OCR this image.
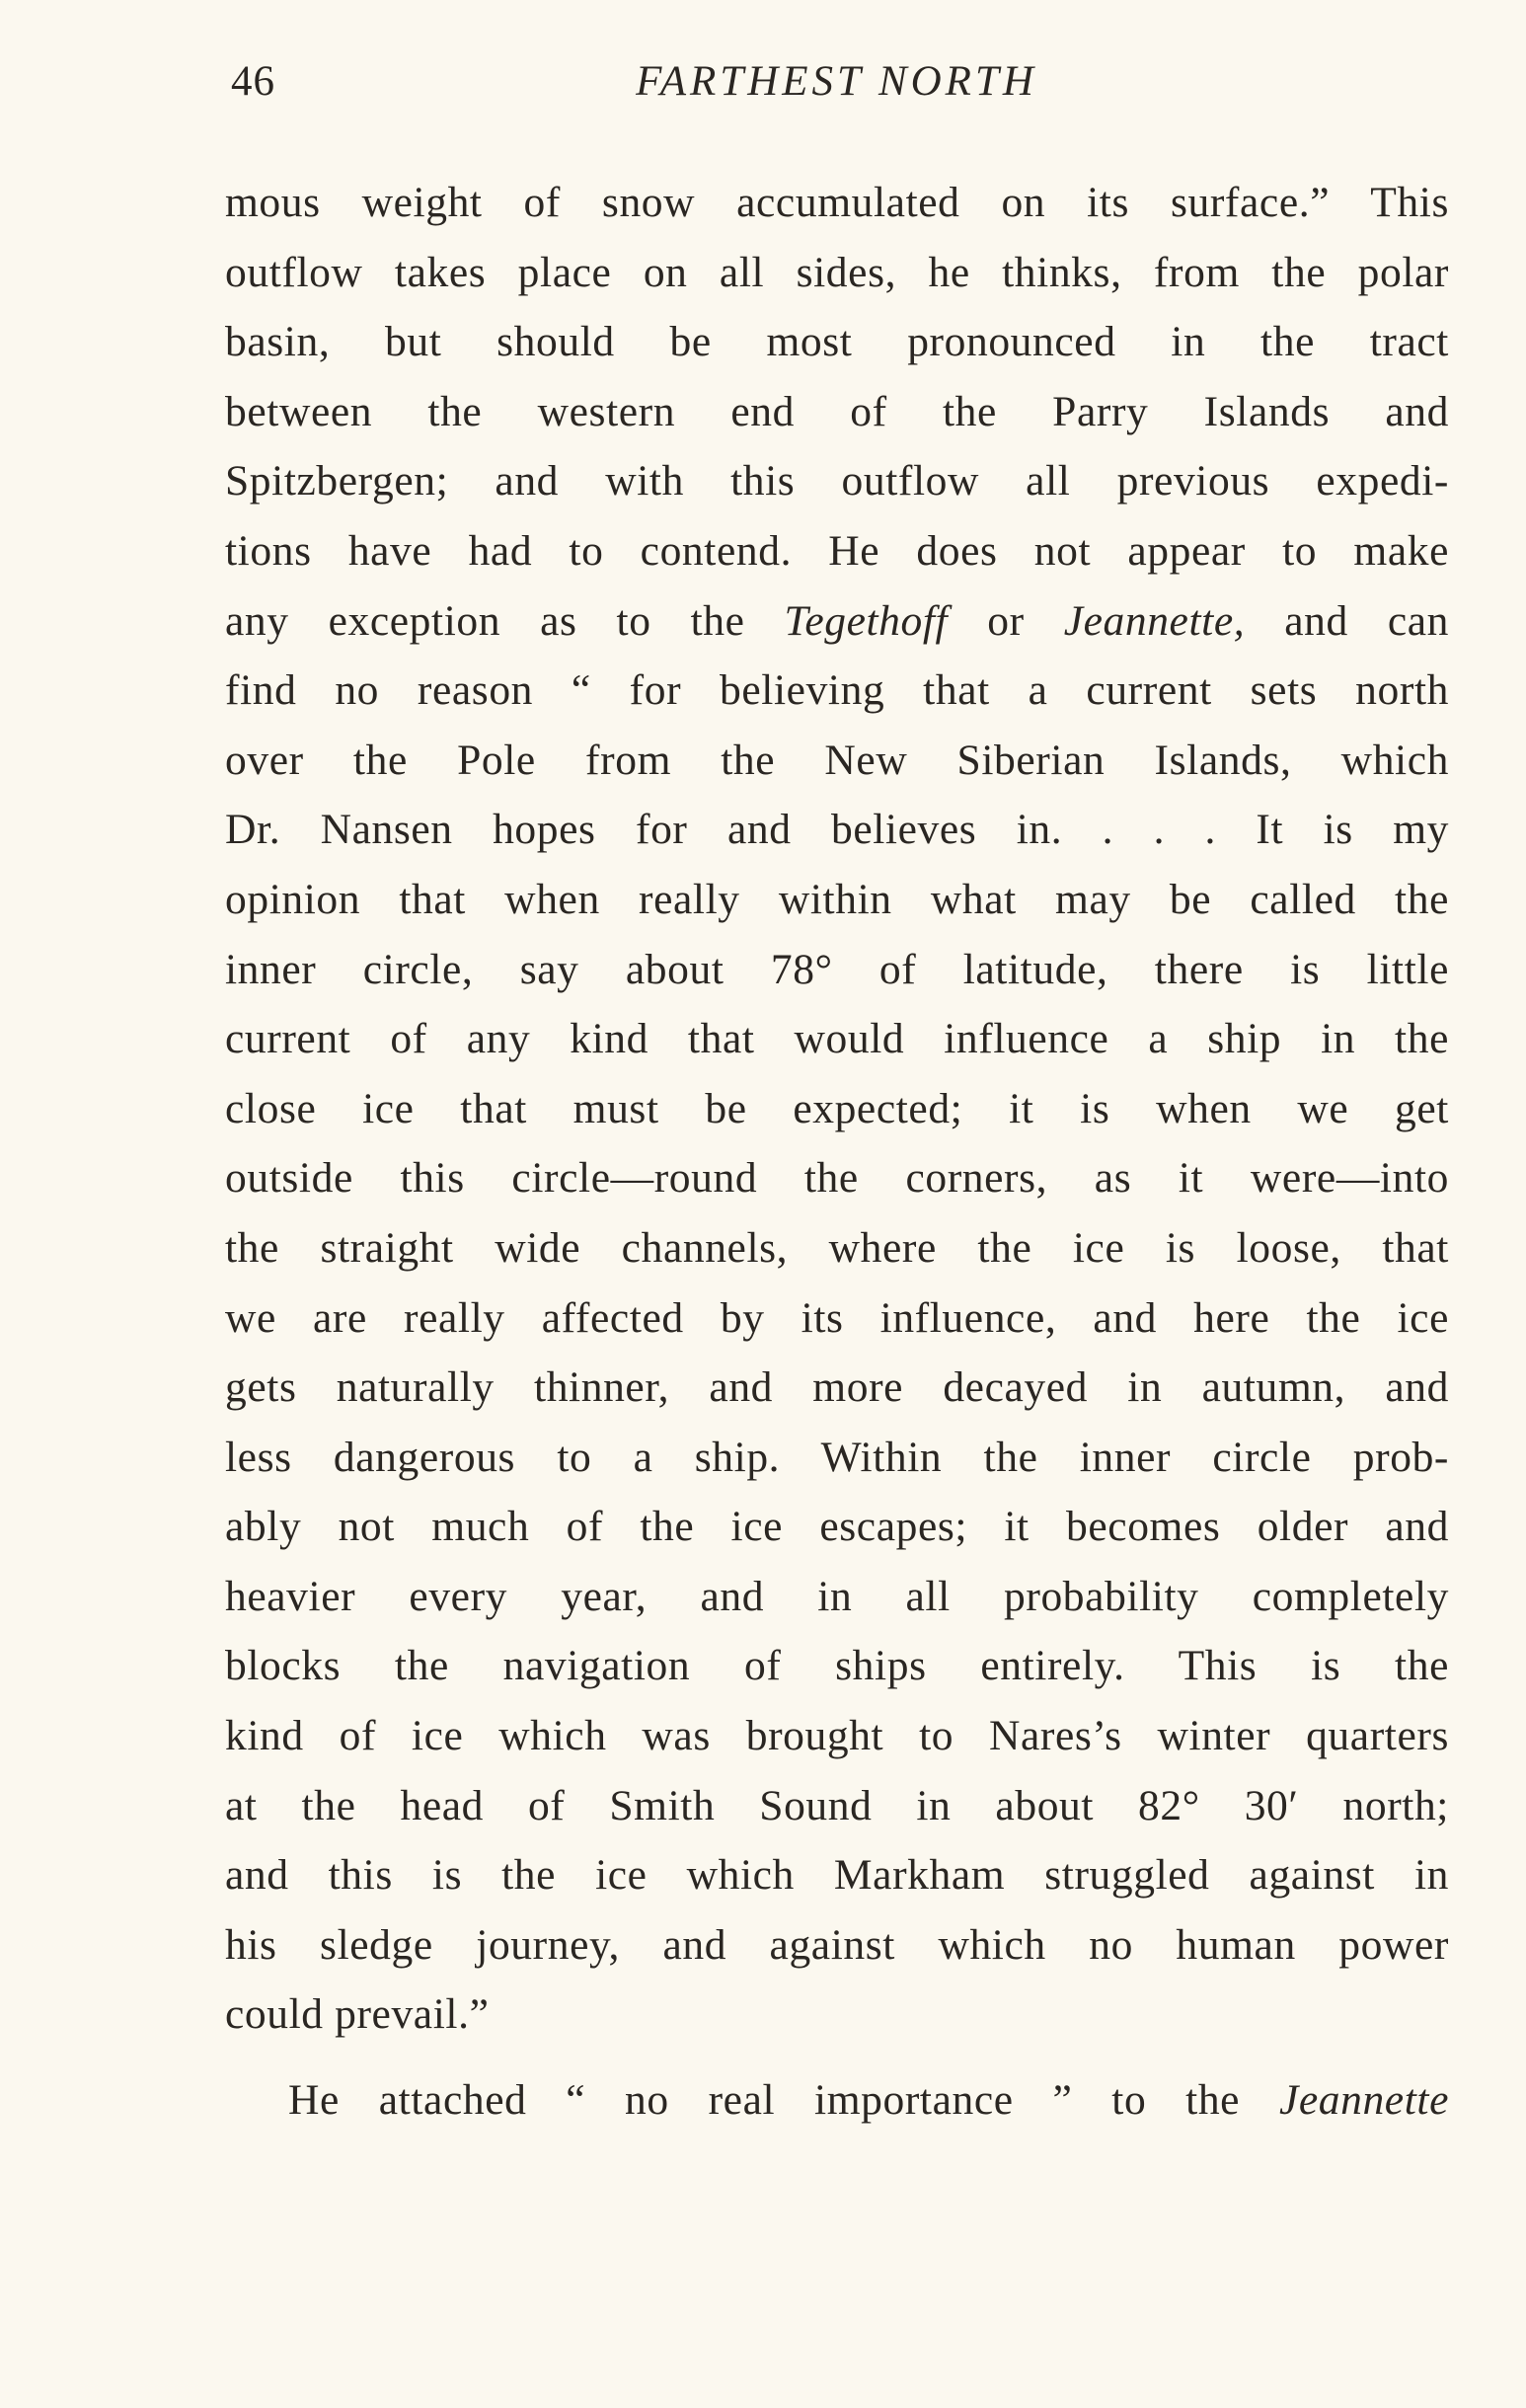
46	FARTHEST NORTH
mous weight of snow accumulated on its surface.” This
outflow takes place on all sides, he thinks, from the polar
basin, but should be most pronounced in the tract
between the western end of the Parry Islands and
Spitzbergen; and with this outflow all previous expedi-
tions have had to contend. He does not appear to make
any exception as to the Tegethoff or Jeannette, and can
find no reason “ for believing that a current sets north
over the Pole from the New Siberian Islands, which
Dr. Nansen hopes for and believes in. . . . It is my
opinion that when really within what may be called the
inner circle, say about 78° of latitude, there is little
current of any kind that would influence a ship in the
close ice that must be expected; it is when we get
outside this circle—round the corners, as it were—into
the straight wide channels, where the ice is loose, that
we are really affected by its influence, and here the ice
gets naturally thinner, and more decayed in autumn, and
less dangerous to a ship. Within the inner circle prob-
ably not much of the ice escapes; it becomes older and
heavier every year, and in all probability completely
blocks the navigation of ships entirely. This is the
kind of ice which was brought to Nares’s winter quarters
at the head of Smith Sound in about 82° 30′ north;
and this is the ice which Markham struggled against in
his sledge journey, and against which no human power
could prevail.”
He attached “ no real importance ” to the Jeannette
